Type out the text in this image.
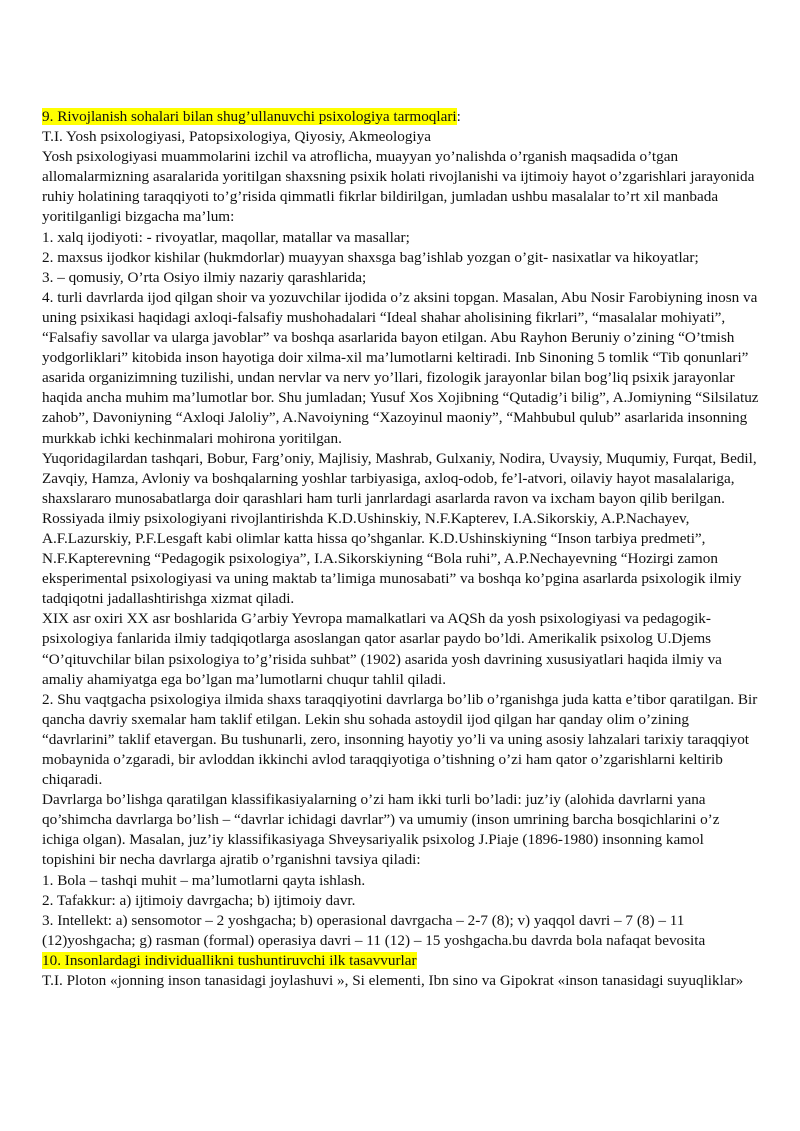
9. Rivojlanish sohalari bilan shug’ullanuvchi psixologiya tarmoqlari:

T.I. Yosh psixologiyasi, Patopsixologiya, Qiyosiy, Akmeologiya

Yosh psixologiyasi muammolarini izchil va atroflicha, muayyan yo’nalishda o’rganish maqsadida o’tgan allomalarmizning asaralarida yoritilgan shaxsning psixik holati rivojlanishi va ijtimoiy hayot o’zgarishlari jarayonida ruhiy holatining taraqqiyoti to’g’risida qimmatli fikrlar bildirilgan, jumladan ushbu masalalar to’rt xil manbada yoritilganligi bizgacha ma’lum:

1. xalq ijodiyoti: - rivoyatlar, maqollar, matallar va masallar;

2. maxsus ijodkor kishilar (hukmdorlar) muayyan shaxsga bag’ishlab yozgan o’git- nasixatlar va hikoyatlar;

3. – qomusiy, O’rta Osiyo ilmiy nazariy qarashlarida;

4. turli davrlarda ijod qilgan shoir va yozuvchilar ijodida o’z aksini topgan. Masalan, Abu Nosir Farobiyning inosn va uning psixikasi haqidagi axloqi-falsafiy mushohadalari “Ideal shahar aholisining fikrlari”, “masalalar mohiyati”, “Falsafiy savollar va ularga javoblar” va boshqa asarlarida bayon etilgan. Abu Rayhon Beruniy o’zining “O’tmish yodgorliklari” kitobida inson hayotiga doir xilma-xil ma’lumotlarni keltiradi. Inb Sinoning 5 tomlik “Tib qonunlari” asarida organizimning tuzilishi, undan nervlar va nerv yo’llari, fizologik jarayonlar bilan bog’liq psixik jarayonlar haqida ancha muhim ma’lumotlar bor. Shu jumladan; Yusuf Xos Xojibning “Qutadig’i bilig”, A.Jomiyning “Silsilatuz zahob”, Davoniyning “Axloqi Jaloliy”, A.Navoiyning “Xazoyinul maoniy”, “Mahbubul qulub” asarlarida insonning murkkab ichki kechinmalari mohirona yoritilgan.

Yuqoridagilardan tashqari, Bobur, Farg’oniy, Majlisiy, Mashrab, Gulxaniy, Nodira, Uvaysiy, Muqumiy, Furqat, Bedil, Zavqiy, Hamza, Avloniy va boshqalarning yoshlar tarbiyasiga, axloq-odob, fe’l-atvori, oilaviy hayot masalalariga, shaxslararo munosabatlarga doir qarashlari ham turli janrlardagi asarlarda ravon va ixcham bayon qilib berilgan.

Rossiyada ilmiy psixologiyani rivojlantirishda K.D.Ushinskiy, N.F.Kapterev, I.A.Sikorskiy, A.P.Nachayev, A.F.Lazurskiy, P.F.Lesgaft kabi olimlar katta hissa qo’shganlar. K.D.Ushinskiyning “Inson tarbiya predmeti”, N.F.Kapterevning “Pedagogik psixologiya”, I.A.Sikorskiyning “Bola ruhi”, A.P.Nechayevning “Hozirgi zamon eksperimental psixologiyasi va uning maktab ta’limiga munosabati” va boshqa ko’pgina asarlarda psixologik ilmiy tadqiqotni jadallashtirishga xizmat qiladi.

XIX asr oxiri XX asr boshlarida G’arbiy Yevropa mamalkatlari va AQSh da yosh psixologiyasi va pedagogik-psixologiya fanlarida ilmiy tadqiqotlarga asoslangan qator asarlar paydo bo’ldi. Amerikalik psixolog U.Djems “O’qituvchilar bilan psixologiya to’g’risida suhbat” (1902) asarida yosh davrining xususiyatlari haqida ilmiy va amaliy ahamiyatga ega bo’lgan ma’lumotlarni chuqur tahlil qiladi.

2. Shu vaqtgacha psixologiya ilmida shaxs taraqqiyotini davrlarga bo’lib o’rganishga juda katta e’tibor qaratilgan. Bir qancha davriy sxemalar ham taklif etilgan. Lekin shu sohada astoydil ijod qilgan har qanday olim o’zining “davrlarini” taklif etavergan. Bu tushunarli, zero, insonning hayotiy yo’li va uning asosiy lahzalari tarixiy taraqqiyot mobaynida o’zgaradi, bir avloddan ikkinchi avlod taraqqiyotiga o’tishning o’zi ham qator o’zgarishlarni keltirib chiqaradi.

Davrlarga bo’lishga qaratilgan klassifikasiyalarning o’zi ham ikki turli bo’ladi: juz’iy (alohida davrlarni yana qo’shimcha davrlarga bo’lish – “davrlar ichidagi davrlar”) va umumiy (inson umrining barcha bosqichlarini o’z ichiga olgan). Masalan, juz’iy klassifikasiyaga Shveysariyalik psixolog J.Piaje (1896-1980) insonning kamol topishini bir necha davrlarga ajratib o’rganishni tavsiya qiladi:

1. Bola – tashqi muhit – ma’lumotlarni qayta ishlash.

2. Tafakkur: a) ijtimoiy davrgacha; b) ijtimoiy davr.

3. Intellekt: a) sensomotor – 2 yoshgacha; b) operasional davrgacha – 2-7 (8); v) yaqqol davri – 7 (8) – 11 (12)yoshgacha; g) rasman (formal) operasiya davri – 11 (12) – 15 yoshgacha.bu davrda bola nafaqat bevosita

10. Insonlardagi individuallikni tushuntiruvchi ilk tasavvurlar

T.I. Ploton «jonning inson tanasidagi joylashuvi », Si elementi, Ibn sino va Gipokrat «inson tanasidagi suyuqliklar»
